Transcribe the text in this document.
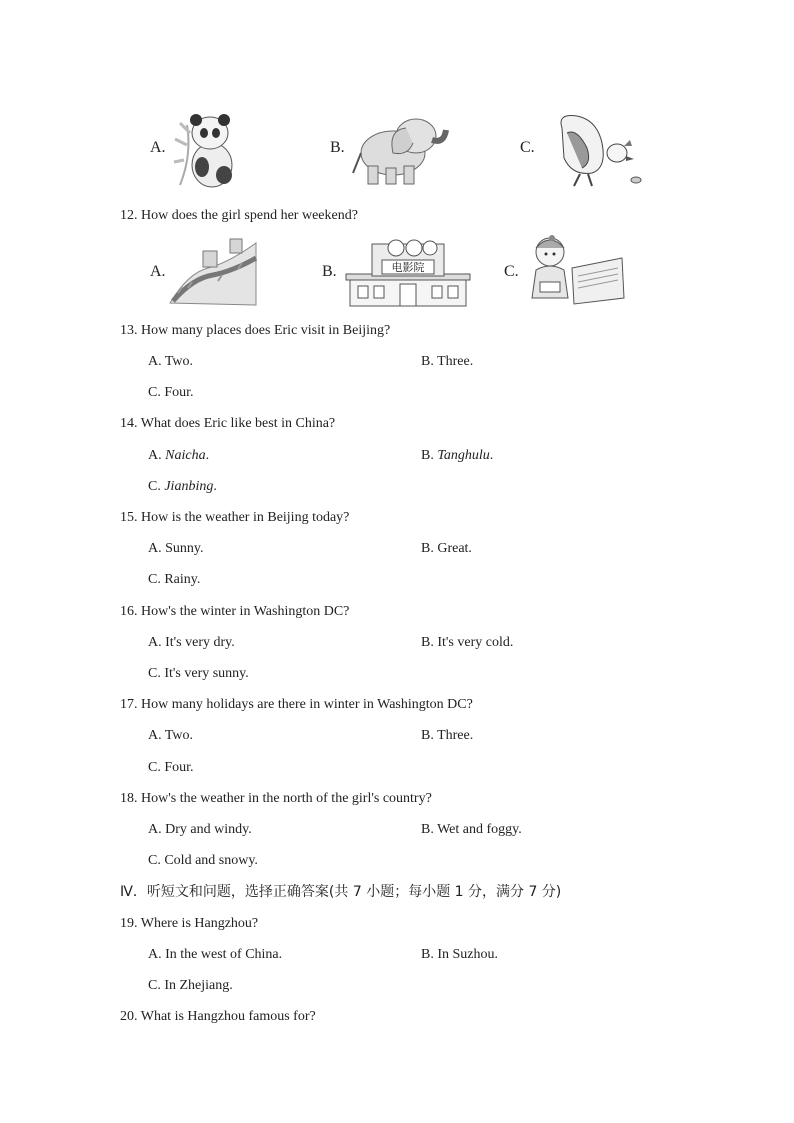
A.	B.	C.
12. How does the girl spend her weekend?
A.	B.	电影院	C.
13. How many places does Eric visit in Beijing?
A. Two.	B. Three.
C. Four.
14. What does Eric like best in China?
A. Naicha.	B. Tanghulu.
C. Jianbing.
15. How is the weather in Beijing today?
A. Sunny.	B. Great.
C. Rainy.
16. How's the winter in Washington DC?
A. It's very dry.	B. It's very cold.
C. It's very sunny.
17. How many holidays are there in winter in Washington DC?
A. Two.	B. Three.
C. Four.
18. How's the weather in the north of the girl's country?
A. Dry and windy.	B. Wet and foggy.
C. Cold and snowy.
Ⅳ．听短文和问题，选择正确答案(共 7 小题；每小题 1 分，满分 7 分)
19. Where is Hangzhou?
A. In the west of China.	B. In Suzhou.
C. In Zhejiang.
20. What is Hangzhou famous for?
